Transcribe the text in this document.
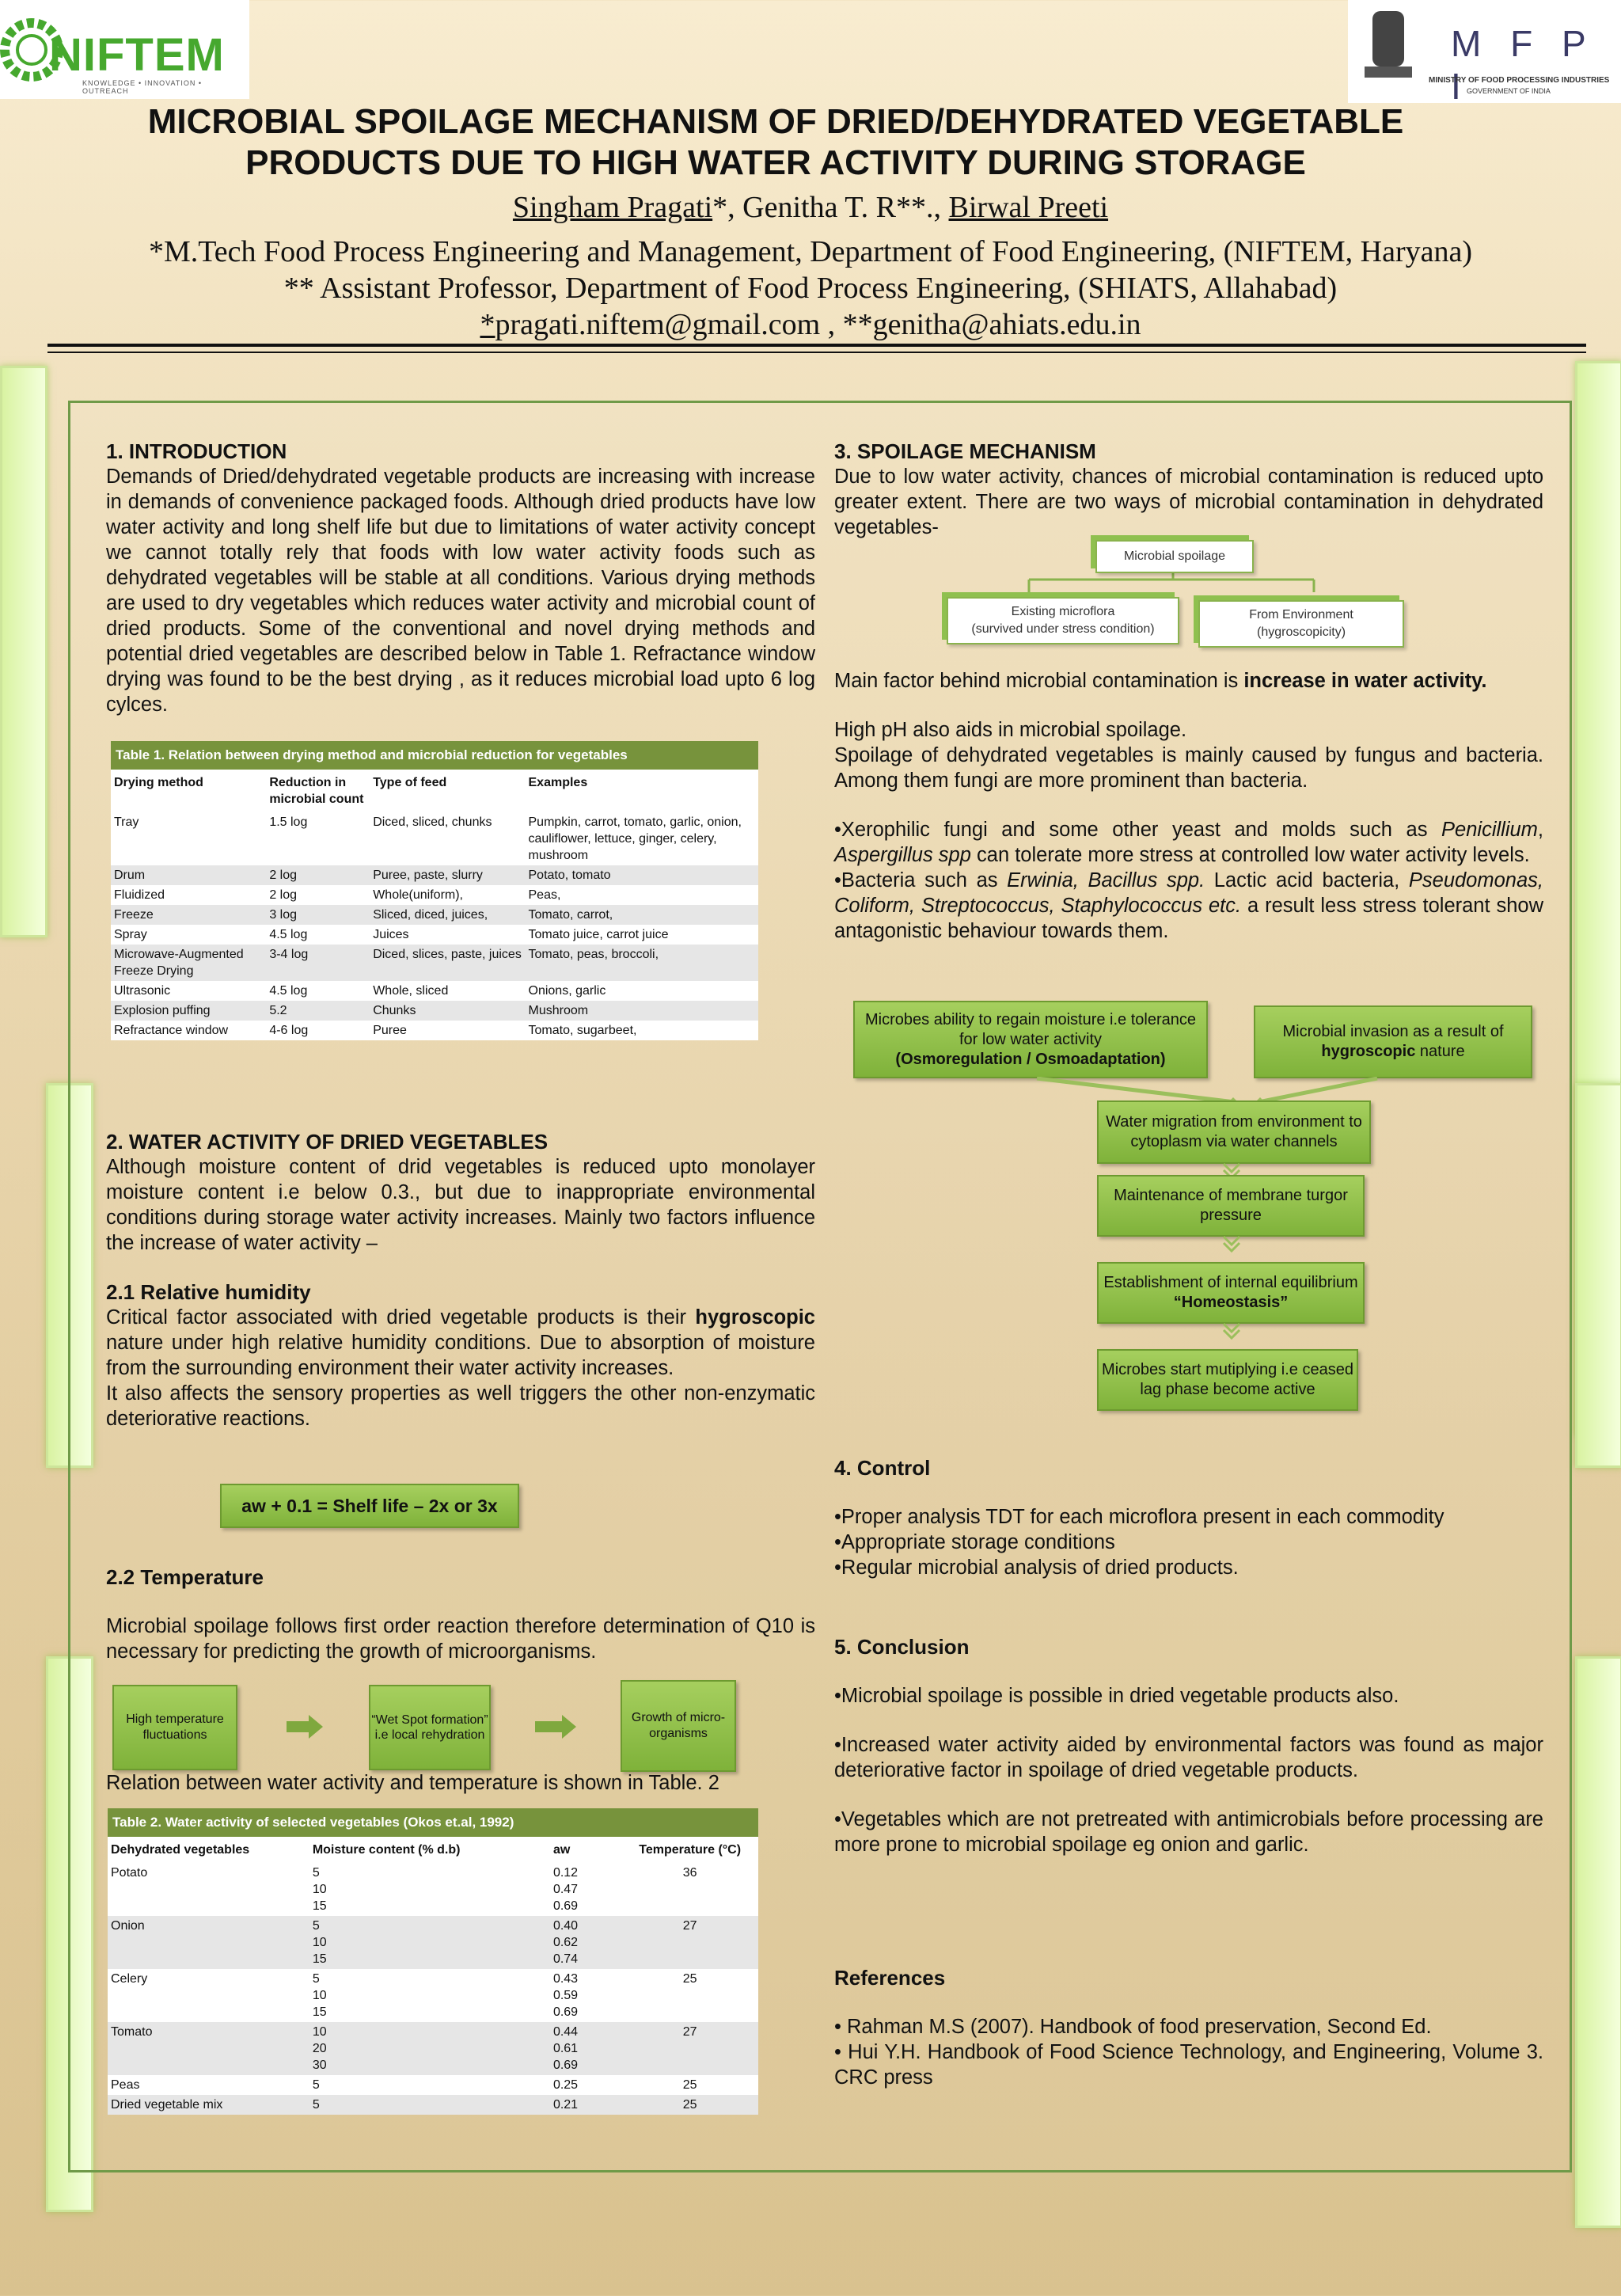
NIFTEM
KNOWLEDGE • INNOVATION • OUTREACH
M F P I
MINISTRY OF FOOD PROCESSING INDUSTRIES
GOVERNMENT OF INDIA
MICROBIAL SPOILAGE MECHANISM OF DRIED/DEHYDRATED VEGETABLE
PRODUCTS DUE TO HIGH WATER ACTIVITY DURING STORAGE
Singham Pragati*, Genitha T. R**., Birwal Preeti
*M.Tech Food Process Engineering and Management, Department of Food Engineering, (NIFTEM, Haryana)
** Assistant Professor, Department of Food Process Engineering, (SHIATS, Allahabad)
*pragati.niftem@gmail.com , **genitha@ahiats.edu.in

1. INTRODUCTION

Demands of Dried/dehydrated vegetable products are increasing with increase in demands of convenience packaged foods. Although dried products have low water activity and long shelf life but due to limitations of water activity concept we cannot totally rely that foods with low water activity foods such as dehydrated vegetables will be stable at all conditions. Various drying methods are used to dry vegetables which reduces water activity and microbial count of dried products. Some of the conventional and novel drying methods and potential dried vegetables are described below in Table 1. Refractance window drying was found to be the best drying , as it reduces microbial load upto 6 log cylces.

Table 1. Relation between drying method and microbial reduction for vegetables
Drying method	Reduction in microbial count	Type of feed	Examples
Tray	1.5 log	Diced, sliced, chunks	Pumpkin, carrot, tomato, garlic, onion, cauliflower, lettuce, ginger, celery, mushroom
Drum	2 log	Puree, paste, slurry	Potato, tomato
Fluidized	2 log	Whole(uniform),	Peas,
Freeze	3 log	Sliced, diced, juices,	Tomato, carrot,
Spray	4.5 log	Juices	Tomato juice, carrot juice
Microwave-Augmented Freeze Drying	3-4 log	Diced, slices, paste, juices	Tomato, peas, broccoli,
Ultrasonic	4.5 log	Whole, sliced	Onions, garlic
Explosion puffing	5.2	Chunks	Mushroom
Refractance window	4-6 log	Puree	Tomato, sugarbeet,

2. WATER ACTIVITY OF DRIED VEGETABLES

Although moisture content of drid vegetables is reduced upto monolayer moisture content i.e below 0.3., but due to inappropriate environmental conditions during storage water activity increases. Mainly two factors influence the increase of water activity –

2.1 Relative humidity

Critical factor associated with dried vegetable products is their hygroscopic nature under high relative humidity conditions. Due to absorption of moisture from the surrounding environment their water activity increases.

It also affects the sensory properties as well triggers the other non-enzymatic deteriorative reactions.

aw + 0.1 = Shelf life – 2x or 3x

2.2 Temperature

Microbial spoilage follows first order reaction therefore determination of Q10 is necessary for predicting the growth of microorganisms.

High temperature fluctuations
“Wet Spot formation”
i.e local rehydration
Growth of micro-organisms

Relation between water activity and temperature is shown in Table. 2

Table 2. Water activity of selected vegetables (Okos et.al, 1992)
Dehydrated vegetables	Moisture content (% d.b)	aw	Temperature (°C)
Potato	5
10
15	0.12
0.47
0.69	36
Onion	5
10
15	0.40
0.62
0.74	27
Celery	5
10
15	0.43
0.59
0.69	25
Tomato	10
20
30	0.44
0.61
0.69	27
Peas	5	0.25	25
Dried vegetable mix	5	0.21	25

3. SPOILAGE MECHANISM

Due to low water activity, chances of microbial contamination is reduced upto greater extent. There are two ways of microbial contamination in dehydrated vegetables-

Microbial spoilage
Existing microflora
(survived under stress condition)
From Environment
(hygroscopicity)

Main factor behind microbial contamination is increase in water activity.

High pH also aids in microbial spoilage.

Spoilage of dehydrated vegetables is mainly caused by fungus and bacteria. Among them fungi are more prominent than bacteria.

•Xerophilic fungi and some other yeast and molds such as Penicillium, Aspergillus spp can tolerate more stress at controlled low water activity levels.

•Bacteria such as Erwinia, Bacillus spp. Lactic acid bacteria, Pseudomonas, Coliform, Streptococcus, Staphylococcus etc. a result less stress tolerant show antagonistic behaviour towards them.

Microbes ability to regain moisture i.e tolerance for low water activity
(Osmoregulation / Osmoadaptation)
Microbial invasion as a result of
hygroscopic nature
Water migration from environment to cytoplasm via water channels
Maintenance of membrane turgor pressure
Establishment of internal equilibrium
“Homeostasis”
Microbes start mutiplying i.e ceased lag phase become active

4. Control

•Proper analysis TDT for each microflora present in each commodity

•Appropriate storage conditions

•Regular microbial analysis of dried products.

5. Conclusion

•Microbial spoilage is possible in dried vegetable products also.

•Increased water activity aided by environmental factors was found as major deteriorative factor in spoilage of dried vegetable products.

•Vegetables which are not pretreated with antimicrobials before processing are more prone to microbial spoilage eg onion and garlic.

References

• Rahman M.S (2007). Handbook of food preservation, Second Ed.

• Hui Y.H. Handbook of Food Science Technology, and Engineering, Volume 3. CRC press
